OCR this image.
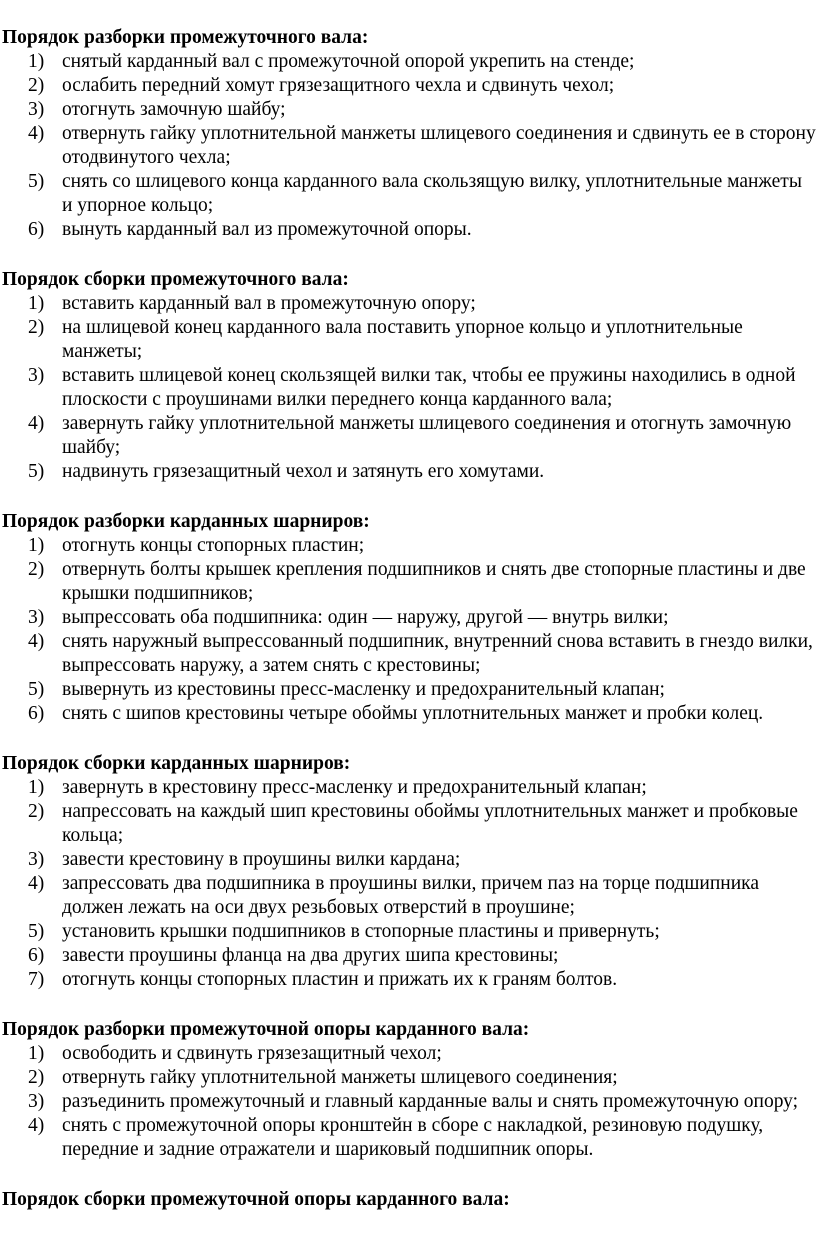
Порядок разборки промежуточного вала:
1) снятый карданный вал с промежуточной опорой укрепить на стенде;
2) ослабить передний хомут грязезащитного чехла и сдвинуть чехол;
3) отогнуть замочную шайбу;
4) отвернуть гайку уплотнительной манжеты шлицевого соединения и сдвинуть ее в сторону отодвинутого чехла;
5) снять со шлицевого конца карданного вала скользящую вилку, уплотнительные манжеты и упорное кольцо;
6) вынуть карданный вал из промежуточной опоры.
Порядок сборки промежуточного вала:
1) вставить карданный вал в промежуточную опору;
2) на шлицевой конец карданного вала поставить упорное кольцо и уплотнительные манжеты;
3) вставить шлицевой конец скользящей вилки так, чтобы ее пружины находились в одной плоскости с проушинами вилки переднего конца карданного вала;
4) завернуть гайку уплотнительной манжеты шлицевого соединения и отогнуть замочную шайбу;
5) надвинуть грязезащитный чехол и затянуть его хомутами.
Порядок разборки карданных шарниров:
1) отогнуть концы стопорных пластин;
2) отвернуть болты крышек крепления подшипников и снять две стопорные пластины и две крышки подшипников;
3) выпрессовать оба подшипника: один — наружу, другой — внутрь вилки;
4) снять наружный выпрессованный подшипник, внутренний снова вставить в гнездо вилки, выпрессовать наружу, а затем снять с крестовины;
5) вывернуть из крестовины пресс-масленку и предохранительный клапан;
6) снять с шипов крестовины четыре обоймы уплотнительных манжет и пробки колец.
Порядок сборки карданных шарниров:
1) завернуть в крестовину пресс-масленку и предохранительный клапан;
2) напрессовать на каждый шип крестовины обоймы уплотнительных манжет и пробковые кольца;
3) завести крестовину в проушины вилки кардана;
4) запрессовать два подшипника в проушины вилки, причем паз на торце подшипника должен лежать на оси двух резьбовых отверстий в проушине;
5) установить крышки подшипников в стопорные пластины и привернуть;
6) завести проушины фланца на два других шипа крестовины;
7) отогнуть концы стопорных пластин и прижать их к граням болтов.
Порядок разборки промежуточной опоры карданного вала:
1) освободить и сдвинуть грязезащитный чехол;
2) отвернуть гайку уплотнительной манжеты шлицевого соединения;
3) разъединить промежуточный и главный карданные валы и снять промежуточную опору;
4) снять с промежуточной опоры кронштейн в сборе с накладкой, резиновую подушку, передние и задние отражатели и шариковый подшипник опоры.
Порядок сборки промежуточной опоры карданного вала:
